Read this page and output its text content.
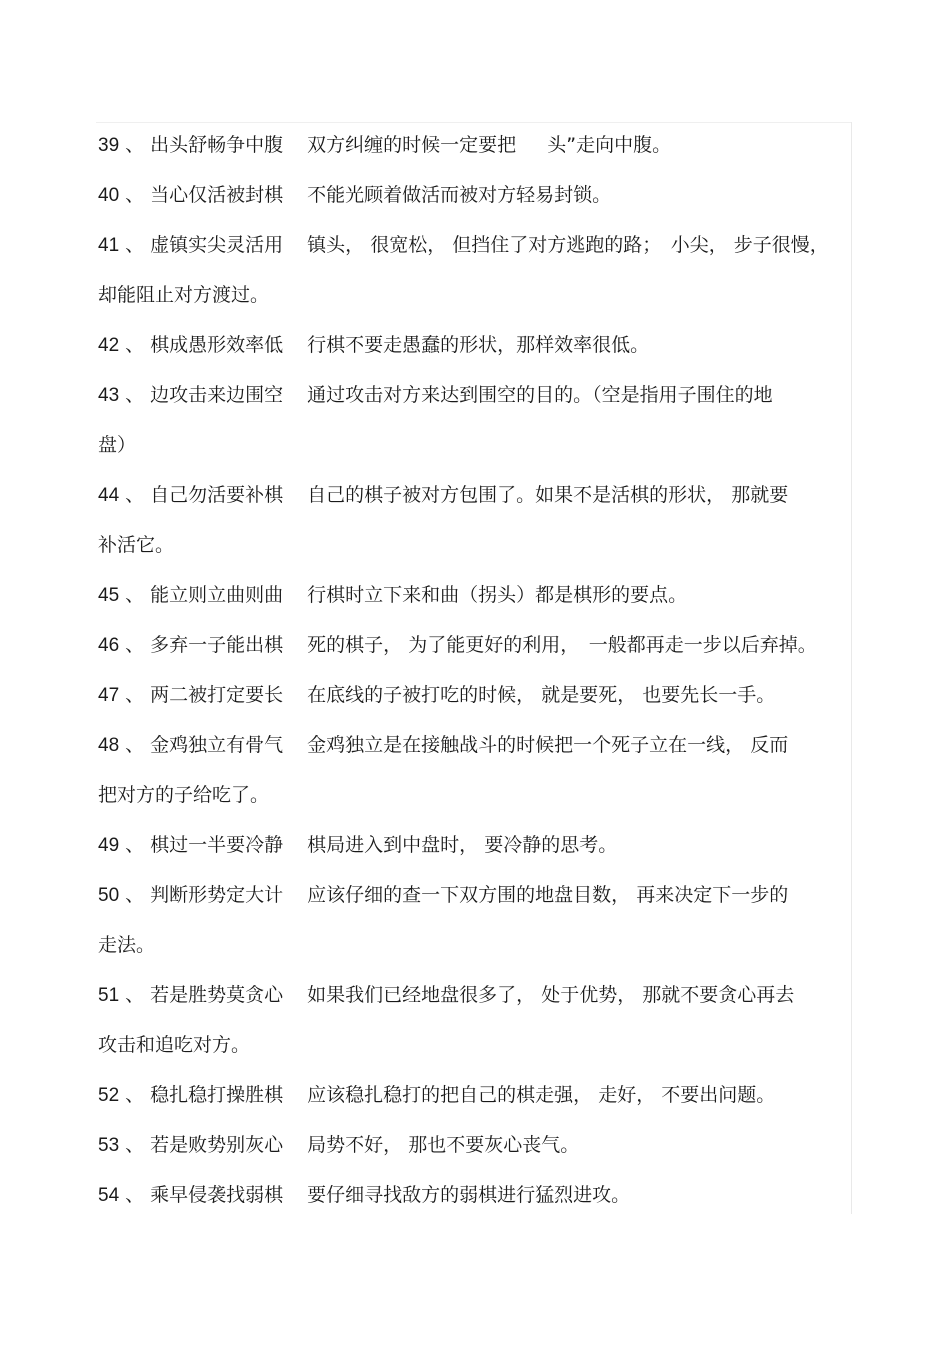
39 、 出头舒畅争中腹 双方纠缠的时候一定要把 　 头”走向中腹。
40 、 当心仅活被封棋 不能光顾着做活而被对方轻易封锁。
41 、 虚镇实尖灵活用 镇头， 很宽松， 但挡住了对方逃跑的路；　小尖， 步子很慢，
却能阻止对方渡过。
42 、 棋成愚形效率低 行棋不要走愚蠢的形状，那样效率很低。
43 、 边攻击来边围空 通过攻击对方来达到围空的目的。（空是指用子围住的地
盘）
44 、 自己勿活要补棋 自己的棋子被对方包围了。如果不是活棋的形状， 那就要
补活它。
45 、 能立则立曲则曲 行棋时立下来和曲（拐头）都是棋形的要点。
46 、 多弃一子能出棋 死的棋子， 为了能更好的利用，　一般都再走一步以后弃掉。
47 、 两二被打定要长 在底线的子被打吃的时候， 就是要死， 也要先长一手。
48 、 金鸡独立有骨气 金鸡独立是在接触战斗的时候把一个死子立在一线， 反而
把对方的子给吃了。
49 、 棋过一半要冷静 棋局进入到中盘时， 要冷静的思考。
50 、 判断形势定大计 应该仔细的查一下双方围的地盘目数， 再来决定下一步的
走法。
51 、 若是胜势莫贪心 如果我们已经地盘很多了， 处于优势， 那就不要贪心再去
攻击和追吃对方。
52 、 稳扎稳打操胜棋 应该稳扎稳打的把自己的棋走强， 走好， 不要出问题。
53 、 若是败势别灰心 局势不好， 那也不要灰心丧气。
54 、 乘早侵袭找弱棋 要仔细寻找敌方的弱棋进行猛烈进攻。
